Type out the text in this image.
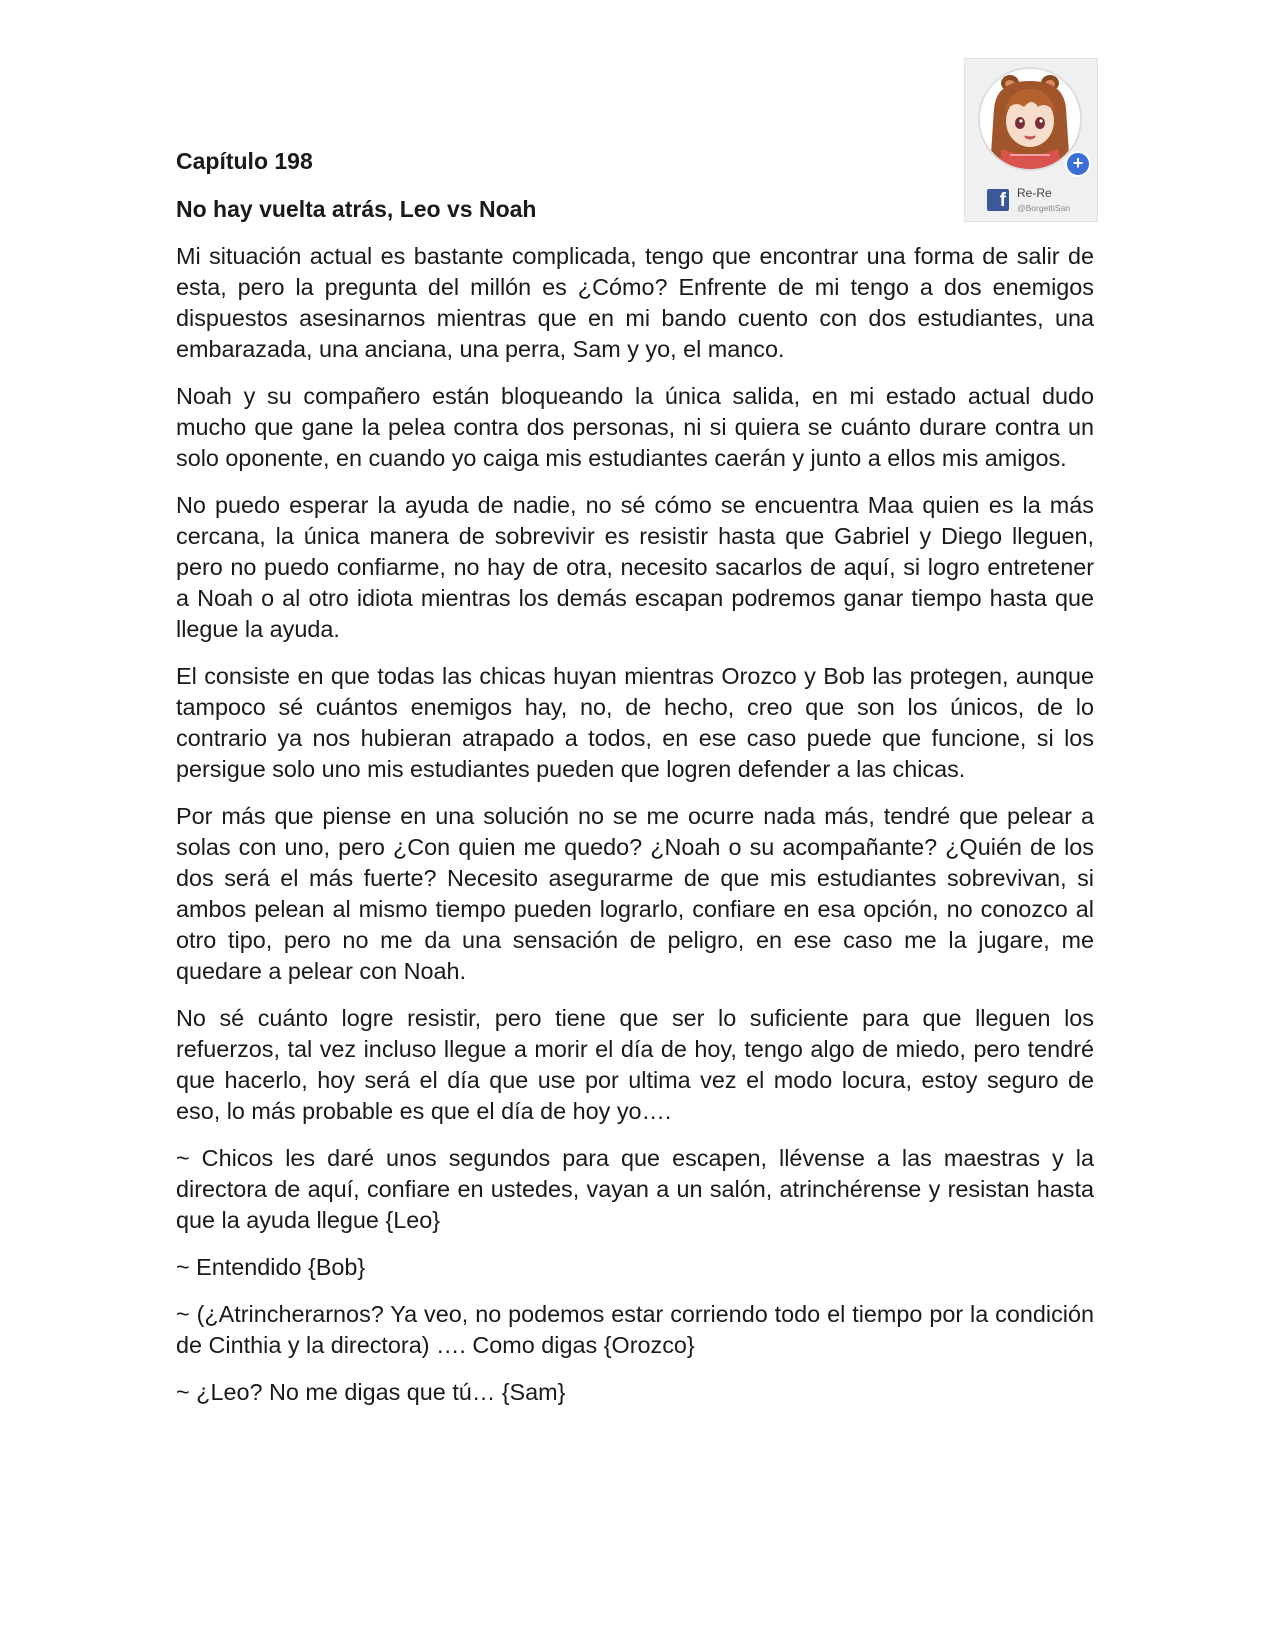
+
f Re-Re
@BorgettiSan
Capítulo 198
No hay vuelta atrás, Leo vs Noah

Mi situación actual es bastante complicada, tengo que encontrar una forma de salir de esta, pero la pregunta del millón es ¿Cómo? Enfrente de mi tengo a dos enemigos dispuestos asesinarnos mientras que en mi bando cuento con dos estudiantes, una embarazada, una anciana, una perra, Sam y yo, el manco.

Noah y su compañero están bloqueando la única salida, en mi estado actual dudo mucho que gane la pelea contra dos personas, ni si quiera se cuánto durare contra un solo oponente, en cuando yo caiga mis estudiantes caerán y junto a ellos mis amigos.

No puedo esperar la ayuda de nadie, no sé cómo se encuentra Maa quien es la más cercana, la única manera de sobrevivir es resistir hasta que Gabriel y Diego lleguen, pero no puedo confiarme, no hay de otra, necesito sacarlos de aquí, si logro entretener a Noah o al otro idiota mientras los demás escapan podremos ganar tiempo hasta que llegue la ayuda.

El consiste en que todas las chicas huyan mientras Orozco y Bob las protegen, aunque tampoco sé cuántos enemigos hay, no, de hecho, creo que son los únicos, de lo contrario ya nos hubieran atrapado a todos, en ese caso puede que funcione, si los persigue solo uno mis estudiantes pueden que logren defender a las chicas.

Por más que piense en una solución no se me ocurre nada más, tendré que pelear a solas con uno, pero ¿Con quien me quedo? ¿Noah o su acompañante? ¿Quién de los dos será el más fuerte? Necesito asegurarme de que mis estudiantes sobrevivan, si ambos pelean al mismo tiempo pueden lograrlo, confiare en esa opción, no conozco al otro tipo, pero no me da una sensación de peligro, en ese caso me la jugare, me quedare a pelear con Noah.

No sé cuánto logre resistir, pero tiene que ser lo suficiente para que lleguen los refuerzos, tal vez incluso llegue a morir el día de hoy, tengo algo de miedo, pero tendré que hacerlo, hoy será el día que use por ultima vez el modo locura, estoy seguro de eso, lo más probable es que el día de hoy yo….

~ Chicos les daré unos segundos para que escapen, llévense a las maestras y la directora de aquí, confiare en ustedes, vayan a un salón, atrinchérense y resistan hasta que la ayuda llegue {Leo}

~ Entendido {Bob}

~ (¿Atrincherarnos? Ya veo, no podemos estar corriendo todo el tiempo por la condición de Cinthia y la directora) …. Como digas {Orozco}

~ ¿Leo? No me digas que tú… {Sam}
